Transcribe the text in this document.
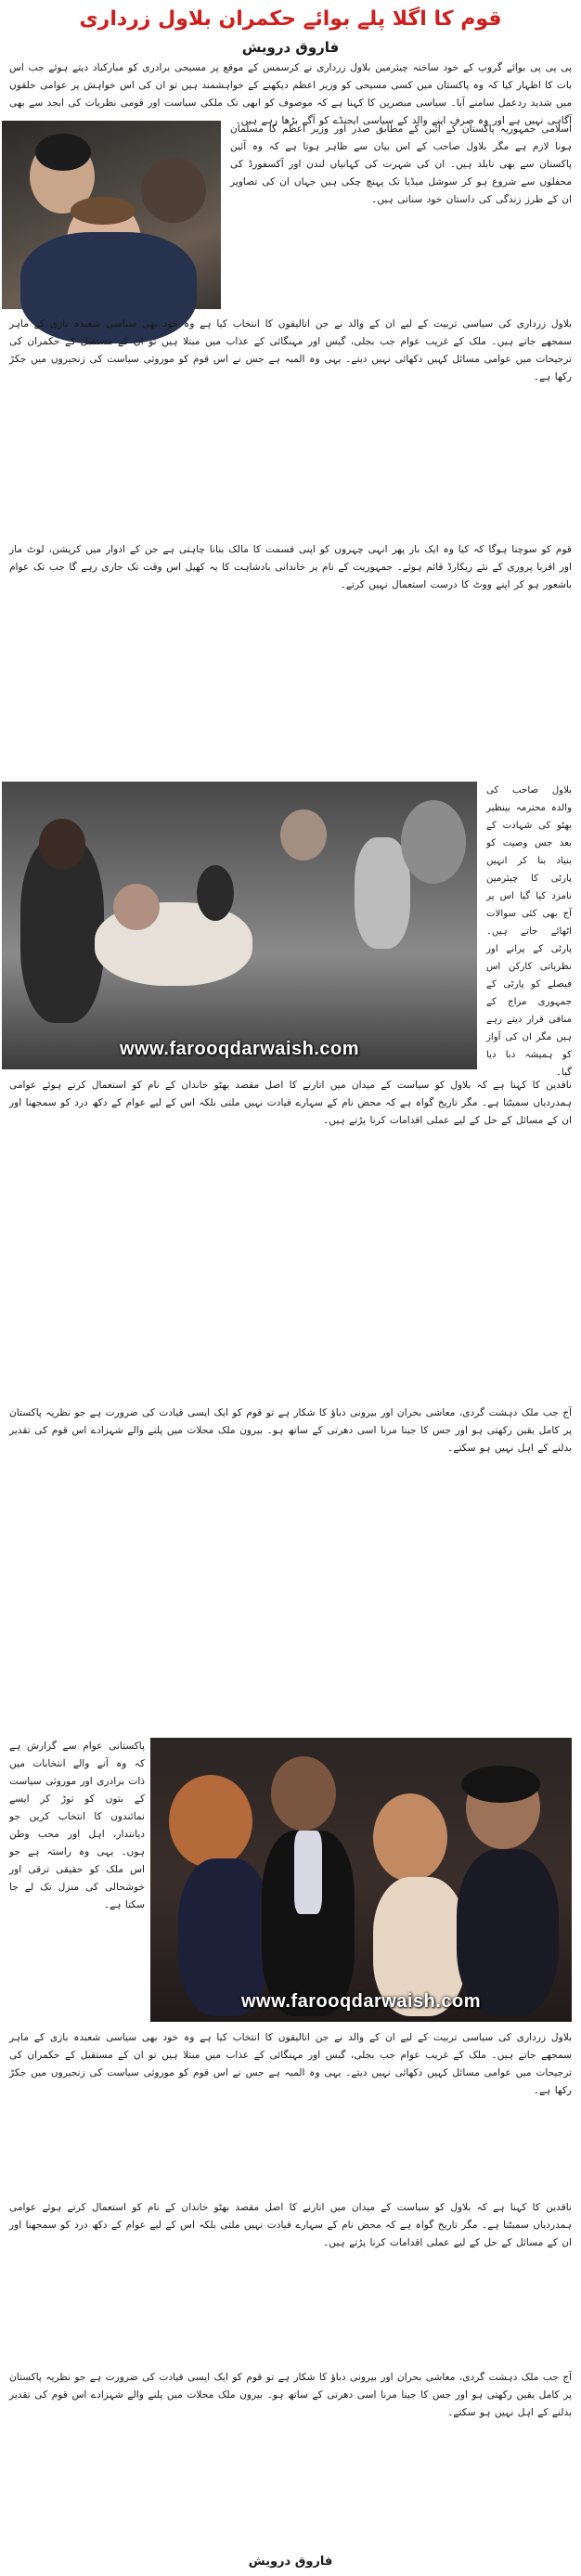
قوم کا اگلا پلے بوائے حکمران بلاول زرداری
فاروق درویش

پی پی پی بوائے گروپ کے خود ساختہ چیئرمین بلاول زرداری نے کرسمس کے موقع پر مسیحی برادری کو مبارکباد دیتے ہوئے جب اس بات کا اظہار کیا کہ وہ پاکستان میں کسی مسیحی کو وزیر اعظم دیکھنے کے خواہشمند ہیں تو ان کی اس خواہش پر عوامی حلقوں میں شدید ردعمل سامنے آیا۔ سیاسی مبصرین کا کہنا ہے کہ موصوف کو ابھی تک ملکی سیاست اور قومی نظریات کی ابجد سے بھی آگاہی نہیں ہے اور وہ صرف اپنے والد کے سیاسی ایجنڈے کو آگے بڑھا رہے ہیں۔

اسلامی جمہوریہ پاکستان کے آئین کے مطابق صدر اور وزیر اعظم کا مسلمان ہونا لازم ہے مگر بلاول صاحب کے اس بیان سے ظاہر ہوتا ہے کہ وہ آئین پاکستان سے بھی نابلد ہیں۔ ان کی شہرت کی کہانیاں لندن اور آکسفورڈ کی محفلوں سے شروع ہو کر سوشل میڈیا تک پہنچ چکی ہیں جہاں ان کی تصاویر ان کے طرز زندگی کی داستان خود سناتی ہیں۔

بلاول زرداری کی سیاسی تربیت کے لیے ان کے والد نے جن اتالیقوں کا انتخاب کیا ہے وہ خود بھی سیاسی شعبدہ بازی کے ماہر سمجھے جاتے ہیں۔ ملک کے غریب عوام جب بجلی، گیس اور مہنگائی کے عذاب میں مبتلا ہیں تو ان کے مستقبل کے حکمران کی ترجیحات میں عوامی مسائل کہیں دکھائی نہیں دیتے۔ یہی وہ المیہ ہے جس نے اس قوم کو موروثی سیاست کی زنجیروں میں جکڑ رکھا ہے۔

قوم کو سوچنا ہوگا کہ کیا وہ ایک بار پھر انہی چہروں کو اپنی قسمت کا مالک بنانا چاہتی ہے جن کے ادوار میں کرپشن، لوٹ مار اور اقربا پروری کے نئے ریکارڈ قائم ہوئے۔ جمہوریت کے نام پر خاندانی بادشاہت کا یہ کھیل اس وقت تک جاری رہے گا جب تک عوام باشعور ہو کر اپنے ووٹ کا درست استعمال نہیں کرتے۔

www.farooqdarwaish.com

بلاول صاحب کی والدہ محترمہ بینظیر بھٹو کی شہادت کے بعد جس وصیت کو بنیاد بنا کر انہیں پارٹی کا چیئرمین نامزد کیا گیا اس پر آج بھی کئی سوالات اٹھائے جاتے ہیں۔ پارٹی کے پرانے اور نظریاتی کارکن اس فیصلے کو پارٹی کے جمہوری مزاج کے منافی قرار دیتے رہے ہیں مگر ان کی آواز کو ہمیشہ دبا دیا گیا۔

ناقدین کا کہنا ہے کہ بلاول کو سیاست کے میدان میں اتارنے کا اصل مقصد بھٹو خاندان کے نام کو استعمال کرتے ہوئے عوامی ہمدردیاں سمیٹنا ہے۔ مگر تاریخ گواہ ہے کہ محض نام کے سہارے قیادت نہیں ملتی بلکہ اس کے لیے عوام کے دکھ درد کو سمجھنا اور ان کے مسائل کے حل کے لیے عملی اقدامات کرنا پڑتے ہیں۔

آج جب ملک دہشت گردی، معاشی بحران اور بیرونی دباؤ کا شکار ہے تو قوم کو ایک ایسی قیادت کی ضرورت ہے جو نظریہ پاکستان پر کامل یقین رکھتی ہو اور جس کا جینا مرنا اسی دھرتی کے ساتھ ہو۔ بیرون ملک محلات میں پلنے والے شہزادے اس قوم کی تقدیر بدلنے کے اہل نہیں ہو سکتے۔

www.farooqdarwaish.com

پاکستانی عوام سے گزارش ہے کہ وہ آنے والے انتخابات میں ذات برادری اور موروثی سیاست کے بتوں کو توڑ کر ایسے نمائندوں کا انتخاب کریں جو دیانتدار، اہل اور محب وطن ہوں۔ یہی وہ راستہ ہے جو اس ملک کو حقیقی ترقی اور خوشحالی کی منزل تک لے جا سکتا ہے۔

بلاول زرداری کی سیاسی تربیت کے لیے ان کے والد نے جن اتالیقوں کا انتخاب کیا ہے وہ خود بھی سیاسی شعبدہ بازی کے ماہر سمجھے جاتے ہیں۔ ملک کے غریب عوام جب بجلی، گیس اور مہنگائی کے عذاب میں مبتلا ہیں تو ان کے مستقبل کے حکمران کی ترجیحات میں عوامی مسائل کہیں دکھائی نہیں دیتے۔ یہی وہ المیہ ہے جس نے اس قوم کو موروثی سیاست کی زنجیروں میں جکڑ رکھا ہے۔

ناقدین کا کہنا ہے کہ بلاول کو سیاست کے میدان میں اتارنے کا اصل مقصد بھٹو خاندان کے نام کو استعمال کرتے ہوئے عوامی ہمدردیاں سمیٹنا ہے۔ مگر تاریخ گواہ ہے کہ محض نام کے سہارے قیادت نہیں ملتی بلکہ اس کے لیے عوام کے دکھ درد کو سمجھنا اور ان کے مسائل کے حل کے لیے عملی اقدامات کرنا پڑتے ہیں۔

آج جب ملک دہشت گردی، معاشی بحران اور بیرونی دباؤ کا شکار ہے تو قوم کو ایک ایسی قیادت کی ضرورت ہے جو نظریہ پاکستان پر کامل یقین رکھتی ہو اور جس کا جینا مرنا اسی دھرتی کے ساتھ ہو۔ بیرون ملک محلات میں پلنے والے شہزادے اس قوم کی تقدیر بدلنے کے اہل نہیں ہو سکتے۔

فاروق درویش
